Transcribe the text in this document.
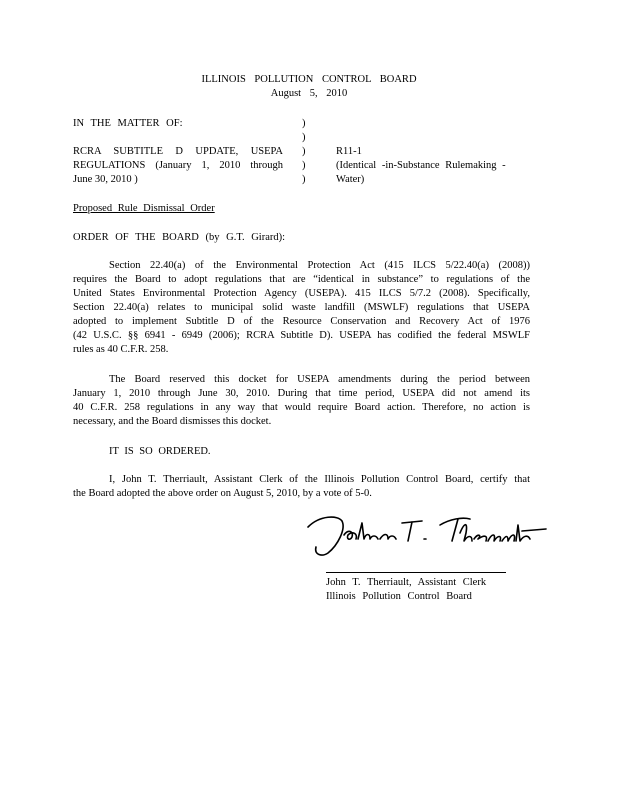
ILLINOIS POLLUTION CONTROL BOARD
August 5, 2010
IN THE MATTER OF:	)
)
)
)
)
RCRA SUBTITLE D UPDATE, USEPA
REGULATIONS (January 1, 2010 through
June 30, 2010 )
R11-1
(Identical -in-Substance Rulemaking -
Water)
Proposed Rule Dismissal Order
ORDER OF THE BOARD (by G.T. Girard):
Section 22.40(a) of the Environmental Protection Act (415 ILCS 5/22.40(a) (2008))
requires the Board to adopt regulations that are “identical in substance” to regulations of the
United States Environmental Protection Agency (USEPA). 415 ILCS 5/7.2 (2008). Specifically,
Section 22.40(a) relates to municipal solid waste landfill (MSWLF) regulations that USEPA
adopted to implement Subtitle D of the Resource Conservation and Recovery Act of 1976
(42 U.S.C. §§ 6941 - 6949 (2006); RCRA Subtitle D). USEPA has codified the federal MSWLF
rules as 40 C.F.R. 258.
The Board reserved this docket for USEPA amendments during the period between
January 1, 2010 through June 30, 2010. During that time period, USEPA did not amend its
40 C.F.R. 258 regulations in any way that would require Board action. Therefore, no action is
necessary, and the Board dismisses this docket.
IT IS SO ORDERED.
I, John T. Therriault, Assistant Clerk of the Illinois Pollution Control Board, certify that
the Board adopted the above order on August 5, 2010, by a vote of 5-0.
John T. Therriault, Assistant Clerk
Illinois Pollution Control Board
